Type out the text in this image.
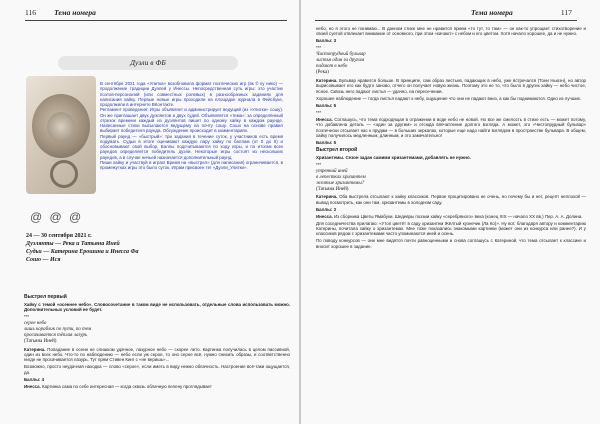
116 Тема номера
Дуэли в ФБ

В сентябре 2021 года «Улитка» возобновила формат поэтических игр (вк © ку нико) — продолжение традиции Дуэлей у Инессы. Непосредственная суть игры: это участие поэтов-персоналий (или совместных ролевых) в разнообразных заданиях для написания хайку. Первые новые игры проходили на площадке журнала в Фейсбуке, продолжили в интернете ВКонтакте.

Регламент проведения: Игры объявляет и администрирует ведущий (из «Улитки» сошу). Он же приглашает двух дуэлянтов и двух судей. Объявляется «тема»: за определённый отрезок времени каждый из дуэлянтов пишет по одному хайку в каждом раунде. Написанные стихи высылаются ведущему на почту сошу. Сошо на основе правил выбирает победителя раунда. Обсуждение происходит в комментариях.

Первый раунд — «быстрый»: три задания в течение суток, у участников есть время подумать. Судьи в итоге оценивают каждую пару хайку по баллам (от 0 до 5) и обосновывают свой выбор. Баллы подсчитываются по ходу игры, и по итогам всех раундов определяется победитель дуэли. Некоторые игры состоят из нескольких раундов, а в случае ничьей назначается дополнительный раунд.

Пиши хайку и участвуй в играх! Время на «выстрел» (для написания) ограничивается, в промежутках игры это было суток. Играм присвоен тег «Дуэли_Улитки».

@ @ @
24 — 30 сентября 2021 г.
Дуэлянты — Река и Татьяна Иней
Судьи — Катерина Ерошина и Инесса Фа
Сошо — Ися

Выстрел первый

Хайку с темой «осеннее небо». Словосочетание в таком виде не использовать, отдельные слова использовать можно. Дополнительных условий не будет.

***

серое небо
лишь кораблик по пути, по тем
просачивается тёплая лазурь
(Татьяна Иней)

Катерина. Попадание в осени не слишком удачное, лазурное небо — скорее лето. Картинка получилась в целом пассивной, один из всех небо. Что-то по наблюдению — небо если уж серое, то оно серое всё, нужно снизить образы, и соответственно нигде не просачивается лазурь. Тут прям Стивен Кинг с «не веришь»...

Возможно, просто неудачная находка — слово «серое», если иметь в виду нежно облачность. Настроение всё-таки ощущается, да.

Баллы: 4

Инесса. Картинка сама по себе интересная — когда сквозь облачную пелену проглядывает

Тема номера	117

небо, но я этого не понимаю... В данном стихе мне не нравится прием «то тут, то там» — он как-то упрощает стихотворение и своей суетой отвлекает внимание от основного, при этом «качают» с небом и его цветом. Хотя начало хорошее, да и не нужно.

Баллы: 3

***

Чистопрудный бульвар
листья один за другим
падают в небо
(Река)

Катерина. Бульвар нравится больше. В принципе, сам образ листьев, падающих в небо, уже встречался (Тони Ньюэн), но автор вырисовывает его как будто заново, отчего он получает новую жизнь. Поэтому это не то, что было в других хайку — небо чистое, ясное. Сквозь него падают листья — удачно, на пересечении.

Хорошее наблюдение — тогда листья падают к небу, ощущение что они не падают вниз, а как бы поднимаются. Одно из лучших.

Баллы: 5

***

Инесса. Соглашусь, что тема подходящая в отражении в воде небо не новой. Но все же смелость в стихе есть — может потому, что добавлена деталь — «один за другим» и отсюда впечатление долгого взгляда. А может, это «Чистопрудный бульвар» поэтически отсылает нас к прудам — в больших зеркалах, которые еще надо найти взглядом в пространстве бульвара. В общем, хайку получилось медленным, длинным, и это замечательно!

Баллы: 5

Выстрел второй

Хризантемы. Сезон задан самими хризантемами, добавлять не нужно.

***

утренний иней
в лепестках хризантем
желтые хризантемы?
(Татьяна Иней)

Катерина. Оба выстрела отсылают к хайку классиков. Первое процитировано не очень, но почему бы и нет, рецепт неплохой — вывод посмотреть, как они там, хризантемы в холодном саду.

Баллы: 3

Инесса. Из сборника Цветы Ямабуки. Шедевры поэзии хайку «серебряного» века (конец XIX — начало XX вв.) Пер. А. А. Долина.

Для соседничества прилагаю: «Утоп цветёт в саду хризантем Жёлтый кузнечик (Ла Ко)». Ну вот, благодаря автору и комментарию Катерины, почитала хайку о хризантемах. Мне тоже показались знакомыми картинки (может они из конкурса или ранее?). И у классиков рядом с хризантемами часто упоминаются иней и осень.

По поводу конкурсов — они мне видятся почти равноценными и снова соглашусь с Катериной, что тема отсылает к классике и вносит хорошее в задание.
